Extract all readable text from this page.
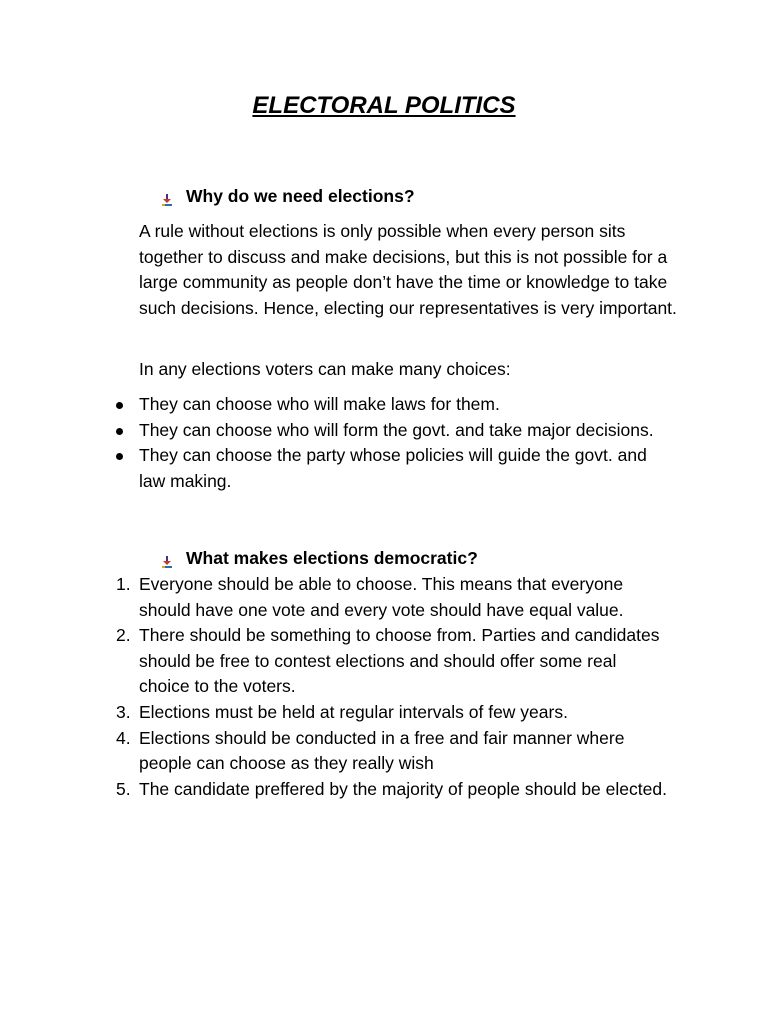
ELECTORAL POLITICS
Why do we need elections?

A rule without elections is only possible when every person sits together to discuss and make decisions, but this is not possible for a large community as people don’t have the time or knowledge to take such decisions. Hence, electing our representatives is very important.

In any elections voters can make many choices:

They can choose who will make laws for them.
They can choose who will form the govt. and take major decisions.
They can choose the party whose policies will guide the govt. and law making.
What makes elections democratic?
1. Everyone should be able to choose. This means that everyone should have one vote and every vote should have equal value.
2. There should be something to choose from. Parties and candidates should be free to contest elections and should offer some real choice to the voters.
3. Elections must be held at regular intervals of few years.
4. Elections should be conducted in a free and fair manner where people can choose as they really wish
5. The candidate preffered by the majority of people should be elected.
